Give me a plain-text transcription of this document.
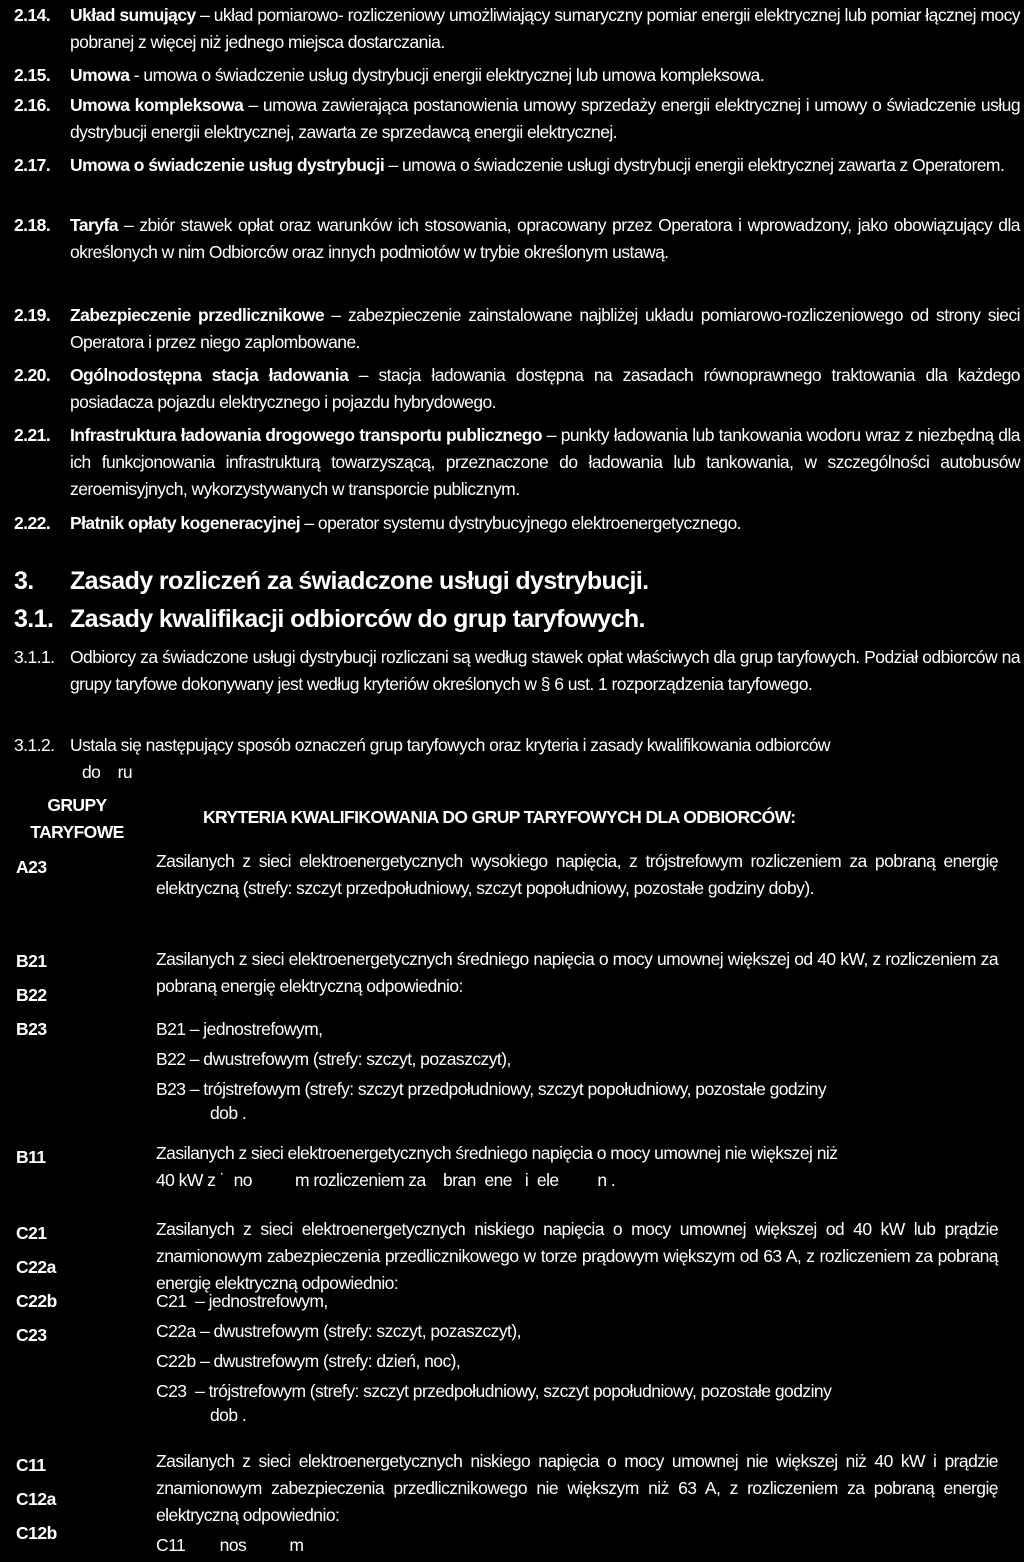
2.14.	Układ sumujący – układ pomiarowo- rozliczeniowy umożliwiający sumaryczny pomiar energii elektrycznej lub pomiar łącznej mocy pobranej z więcej niż jednego miejsca dostarczania.
2.15.	Umowa - umowa o świadczenie usług dystrybucji energii elektrycznej lub umowa kompleksowa.
2.16.	Umowa kompleksowa – umowa zawierająca postanowienia umowy sprzedaży energii elektrycznej i umowy o świadczenie usług dystrybucji energii elektrycznej, zawarta ze sprzedawcą energii elektrycznej.
2.17.	Umowa o świadczenie usług dystrybucji – umowa o świadczenie usługi dystrybucji energii elektrycznej zawarta z Operatorem.
2.18.	Taryfa – zbiór stawek opłat oraz warunków ich stosowania, opracowany przez Operatora i wprowadzony, jako obowiązujący dla określonych w nim Odbiorców oraz innych podmiotów w trybie określonym ustawą.
2.19.	Zabezpieczenie przedlicznikowe – zabezpieczenie zainstalowane najbliżej układu pomiarowo-rozliczeniowego od strony sieci Operatora i przez niego zaplombowane.
2.20.	Ogólnodostępna stacja ładowania – stacja ładowania dostępna na zasadach równoprawnego traktowania dla każdego posiadacza pojazdu elektrycznego i pojazdu hybrydowego.
2.21.	Infrastruktura ładowania drogowego transportu publicznego – punkty ładowania lub tankowania wodoru wraz z niezbędną dla ich funkcjonowania infrastrukturą towarzyszącą, przeznaczone do ładowania lub tankowania, w szczególności autobusów zeroemisyjnych, wykorzystywanych w transporcie publicznym.
2.22.	Płatnik opłaty kogeneracyjnej – operator systemu dystrybucyjnego elektroenergetycznego.
3. Zasady rozliczeń za świadczone usługi dystrybucji.
3.1. Zasady kwalifikacji odbiorców do grup taryfowych.
3.1.1. Odbiorcy za świadczone usługi dystrybucji rozliczani są według stawek opłat właściwych dla grup taryfowych. Podział odbiorców na grupy taryfowe dokonywany jest według kryteriów określonych w § 6 ust. 1 rozporządzenia taryfowego.
3.1.2. Ustala się następujący sposób oznaczeń grup taryfowych oraz kryteria i zasady kwalifikowania odbiorców
do    ru
GRUPY
TARYFOWE
KRYTERIA KWALIFIKOWANIA DO GRUP TARYFOWYCH DLA ODBIORCÓW:
A23	Zasilanych z sieci elektroenergetycznych wysokiego napięcia, z trójstrefowym rozliczeniem za pobraną energię elektryczną (strefy: szczyt przedpołudniowy, szczyt popołudniowy, pozostałe godziny doby).
B21
B22
B23
Zasilanych z sieci elektroenergetycznych średniego napięcia o mocy umownej większej od 40 kW, z rozliczeniem za pobraną energię elektryczną odpowiednio:
B21 – jednostrefowym,
B22 – dwustrefowym (strefy: szczyt, pozaszczyt),
B23 – trójstrefowym (strefy: szczyt przedpołudniowy, szczyt popołudniowy, pozostałe godziny
dob .
B11	Zasilanych z sieci elektroenergetycznych średniego napięcia o mocy umownej nie większej niż
40 kW z ˙  no          m rozliczeniem za    bran  ene   i  ele         n .
C21
C22a
C22b
C23
Zasilanych z sieci elektroenergetycznych niskiego napięcia o mocy umownej większej od 40 kW lub prądzie znamionowym zabezpieczenia przedlicznikowego w torze prądowym większym od 63 A, z rozliczeniem za pobraną energię elektryczną odpowiednio:
C21  – jednostrefowym,
C22a – dwustrefowym (strefy: szczyt, pozaszczyt),
C22b – dwustrefowym (strefy: dzień, noc),
C23  – trójstrefowym (strefy: szczyt przedpołudniowy, szczyt popołudniowy, pozostałe godziny
dob .
C11
C12a
C12b
Zasilanych z sieci elektroenergetycznych niskiego napięcia o mocy umownej nie większej niż 40 kW i prądzie znamionowym zabezpieczenia przedlicznikowego nie większym niż 63 A, z rozliczeniem za pobraną energię elektryczną odpowiednio:
C11        nos          m
